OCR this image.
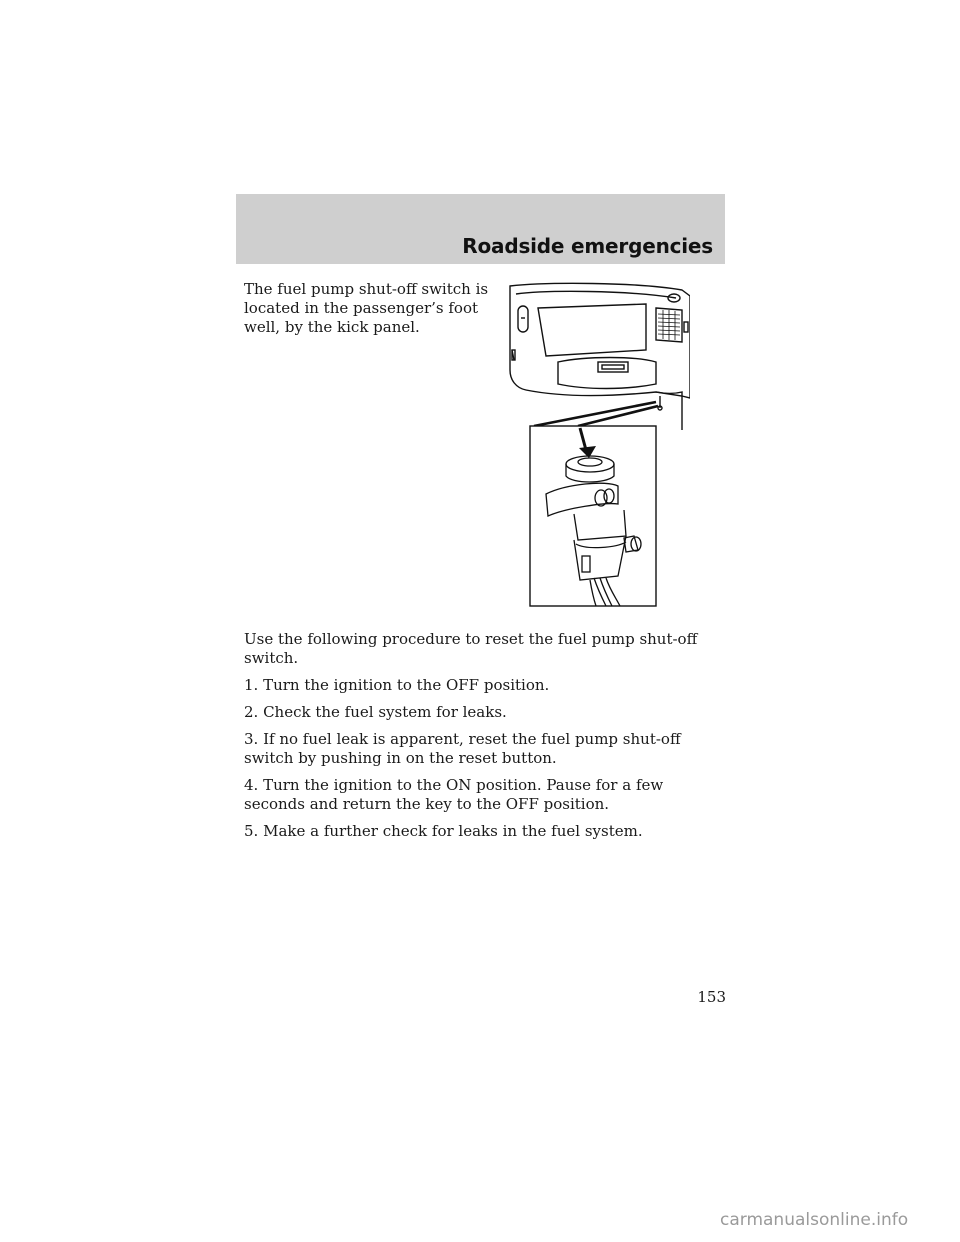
Roadside emergencies
The fuel pump shut-off switch is located in the passenger’s foot well, by the kick panel.

Use the following procedure to reset the fuel pump shut-off switch.

1. Turn the ignition to the OFF position.

2. Check the fuel system for leaks.

3. If no fuel leak is apparent, reset the fuel pump shut-off switch by pushing in on the reset button.

4. Turn the ignition to the ON position. Pause for a few seconds and return the key to the OFF position.

5. Make a further check for leaks in the fuel system.

153
carmanualsonline.info
